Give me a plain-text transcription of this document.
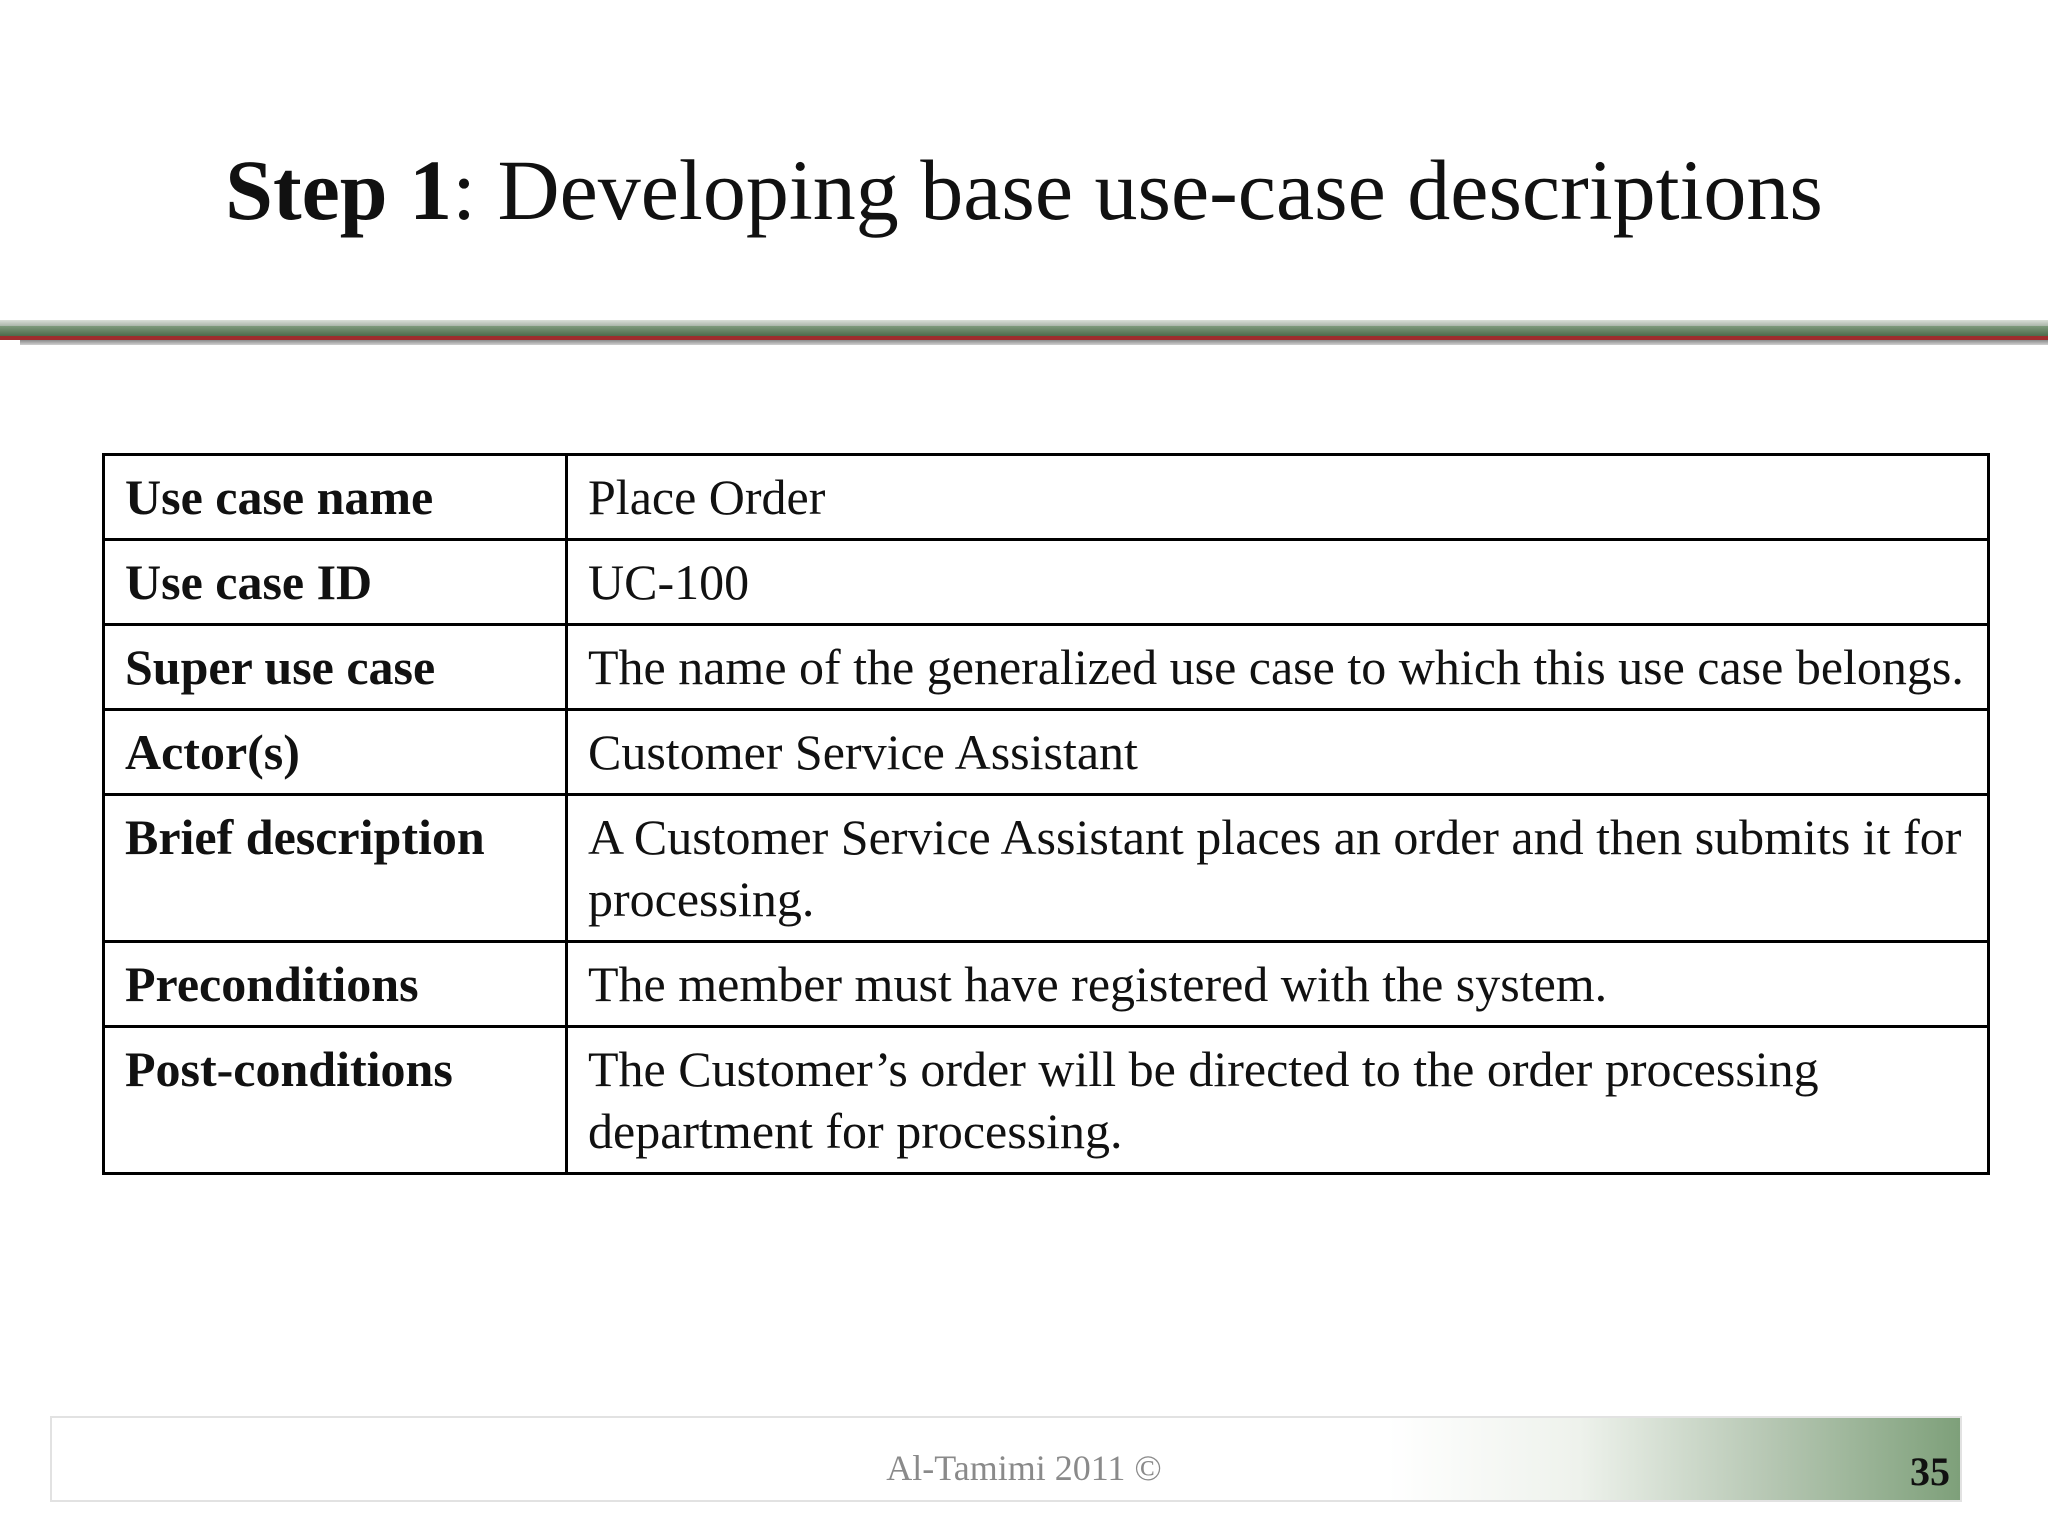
Step 1: Developing base use-case descriptions
Use case name	Place Order
Use case ID	UC-100
Super use case	The name of the generalized use case to which this use case belongs.
Actor(s)	Customer Service Assistant
Brief description	A Customer Service Assistant places an order and then submits it for processing.
Preconditions	The member must have registered with the system.
Post-conditions	The Customer’s order will be directed to the order processing department for processing.
Al-Tamimi 2011 ©	35
